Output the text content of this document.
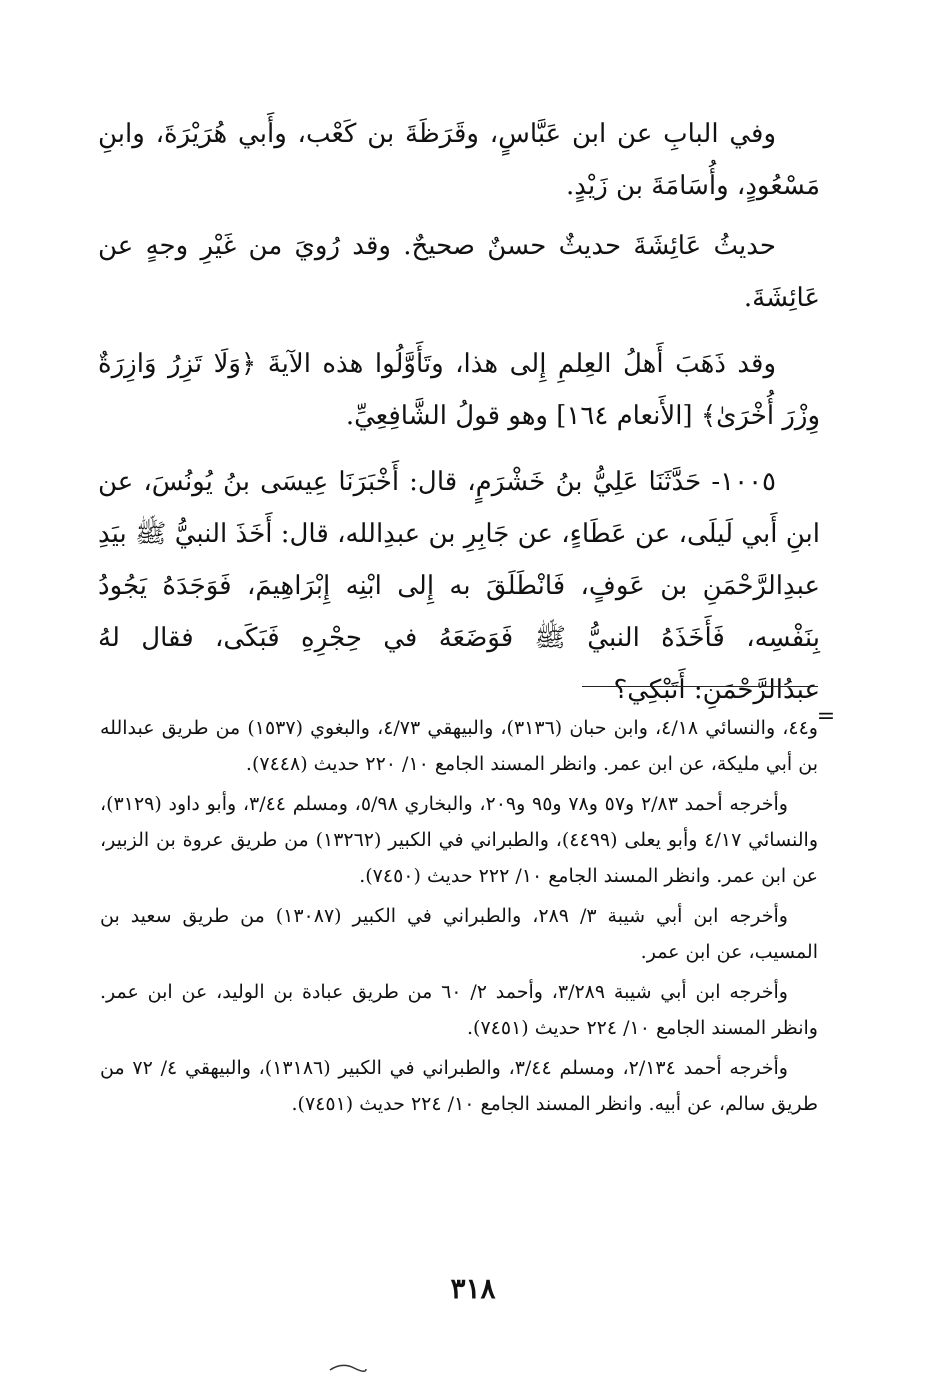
وفي البابِ عن ابن عَبَّاسٍ، وقَرَظَةَ بن كَعْب، وأَبي هُرَيْرَةَ، وابنِ مَسْعُودٍ، وأُسَامَةَ بن زَيْدٍ.

حديثُ عَائِشَةَ حديثٌ حسنٌ صحيحٌ. وقد رُويَ من غَيْرِ وجهٍ عن عَائِشَةَ.

وقد ذَهَبَ أَهلُ العِلمِ إِلى هذا، وتَأَوَّلُوا هذه الآيةَ ﴿وَلَا تَزِرُ وَازِرَةٌ وِزْرَ أُخْرَىٰ﴾ [الأَنعام ١٦٤] وهو قولُ الشَّافِعِيِّ.

١٠٠٥- حَدَّثَنَا عَلِيُّ بنُ خَشْرَمٍ، قال: أَخْبَرَنَا عِيسَى بنُ يُونُسَ، عن ابنِ أَبي لَيلَى، عن عَطَاءٍ، عن جَابِرِ بن عبدِالله، قال: أَخَذَ النبيُّ ﷺ بيَدِ عبدِالرَّحْمَنِ بن عَوفٍ، فَانْطَلَقَ به إِلى ابْنِه إِبْرَاهِيمَ، فَوَجَدَهُ يَجُودُ بِنَفْسِه، فَأَخَذَهُ النبيُّ ﷺ فَوَضَعَهُ في حِجْرِهِ فَبَكَى، فقال لهُ عبدُالرَّحْمَنِ: أَتَبْكِي؟

=

و٤٤، والنسائي ٤/١٨، وابن حبان (٣١٣٦)، والبيهقي ٤/٧٣، والبغوي (١٥٣٧) من طريق عبدالله بن أبي مليكة، عن ابن عمر. وانظر المسند الجامع ١٠/ ٢٢٠ حديث (٧٤٤٨).

وأخرجه أحمد ٢/٨٣ و٥٧ و٧٨ و٩٥ و٢٠٩، والبخاري ٥/٩٨، ومسلم ٣/٤٤، وأبو داود (٣١٢٩)، والنسائي ٤/١٧ وأبو يعلى (٤٤٩٩)، والطبراني في الكبير (١٣٢٦٢) من طريق عروة بن الزبير، عن ابن عمر. وانظر المسند الجامع ١٠/ ٢٢٢ حديث (٧٤٥٠).

وأخرجه ابن أبي شيبة ٣/ ٢٨٩، والطبراني في الكبير (١٣٠٨٧) من طريق سعيد بن المسيب، عن ابن عمر.

وأخرجه ابن أبي شيبة ٣/٢٨٩، وأحمد ٢/ ٦٠ من طريق عبادة بن الوليد، عن ابن عمر. وانظر المسند الجامع ١٠/ ٢٢٤ حديث (٧٤٥١).

وأخرجه أحمد ٢/١٣٤، ومسلم ٣/٤٤، والطبراني في الكبير (١٣١٨٦)، والبيهقي ٤/ ٧٢ من طريق سالم، عن أبيه. وانظر المسند الجامع ١٠/ ٢٢٤ حديث (٧٤٥١).

٣١٨
